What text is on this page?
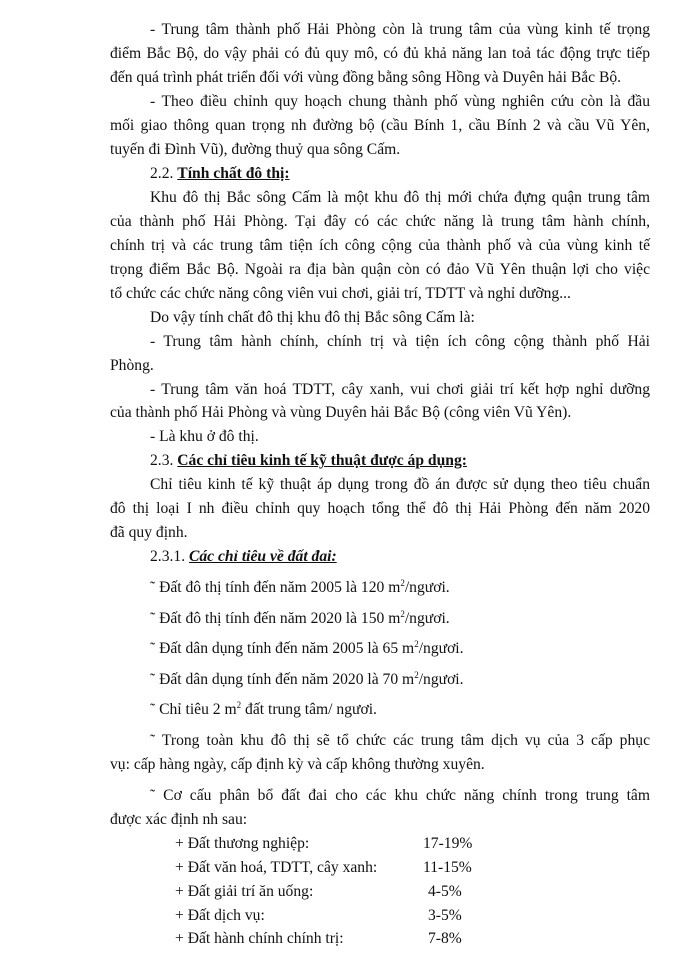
- Trung tâm thành phố Hải Phòng còn là trung tâm của vùng kinh tế trọng
điểm Bắc Bộ, do vậy phải có đủ quy mô, có đủ khả năng lan toả tác động trực tiếp
đến quá trình phát triển đối với vùng đồng bằng sông Hồng và Duyên hải Bắc Bộ.
- Theo điều chỉnh quy hoạch chung thành phố vùng nghiên cứu còn là đầu
mối giao thông quan trọng nh đường bộ (cầu Bính 1, cầu Bính 2 và cầu Vũ Yên,
tuyến đi Đình Vũ), đường thuỷ qua sông Cấm.
2.2. Tính chất đô thị:
Khu đô thị Bắc sông Cấm là một khu đô thị mới chứa đựng quận trung tâm
của thành phố Hải Phòng. Tại đây có các chức năng là trung tâm hành chính,
chính trị và các trung tâm tiện ích công cộng của thành phố và của vùng kinh tế
trọng điểm Bắc Bộ. Ngoài ra địa bàn quận còn có đảo Vũ Yên thuận lợi cho việc
tổ chức các chức năng công viên vui chơi, giải trí, TDTT và nghỉ dưỡng...
Do vậy tính chất đô thị khu đô thị Bắc sông Cấm là:
- Trung tâm hành chính, chính trị và tiện ích công cộng thành phố Hải
Phòng.
- Trung tâm văn hoá TDTT, cây xanh, vui chơi giải trí kết hợp nghỉ dưỡng
của thành phố Hải Phòng và vùng Duyên hải Bắc Bộ (công viên Vũ Yên).
- Là khu ở đô thị.
2.3. Các chỉ tiêu kinh tế kỹ thuật được áp dụng:
Chỉ tiêu kinh tế kỹ thuật áp dụng trong đồ án được sử dụng theo tiêu chuẩn
đô thị loại I nh điều chỉnh quy hoạch tổng thể đô thị Hải Phòng đến năm 2020
đã quy định.
2.3.1. Các chỉ tiêu về đất đai:
˜ Đất đô thị tính đến năm 2005 là 120 $m^2$/ngươi.
˜ Đất đô thị tính đến năm 2020 là 150 $m^2$/ngươi.
˜ Đất dân dụng tính đến năm 2005 là 65 $m^2$/ngươi.
˜ Đất dân dụng tính đến năm 2020 là 70 $m^2$/ngươi.
˜ Chỉ tiêu 2 $m^2$ đất trung tâm/ ngươi.
˜ Trong toàn khu đô thị sẽ tổ chức các trung tâm dịch vụ của 3 cấp phục
vụ: cấp hàng ngày, cấp định kỳ và cấp không thường xuyên.
˜ Cơ cấu phân bổ đất đai cho các khu chức năng chính trong trung tâm
được xác định nh sau:
+ Đất thương nghiệp:	17-19%
+ Đất văn hoá, TDTT, cây xanh:	11-15%
+ Đất giải trí ăn uống:	4-5%
+ Đất dịch vụ:	3-5%
+ Đất hành chính chính trị:	7-8%
